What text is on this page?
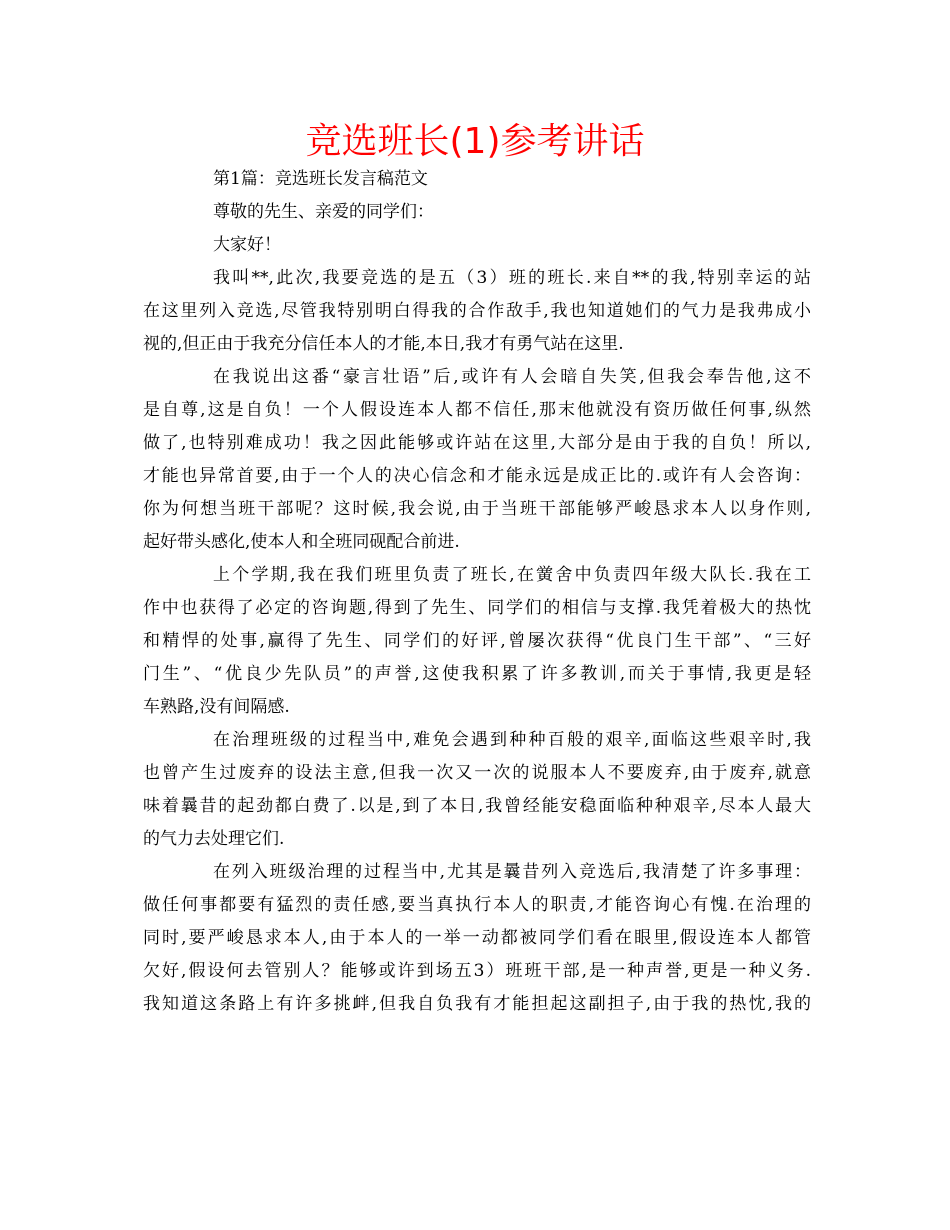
竞选班长(1)参考讲话
第1篇：竞选班长发言稿范文
尊敬的先生、亲爱的同学们：
大家好！
我叫**,此次,我要竞选的是五（3）班的班长.来自**的我,特别幸运的站
在这里列入竞选,尽管我特别明白得我的合作敌手,我也知道她们的气力是我弗成小
视的,但正由于我充分信任本人的才能,本日,我才有勇气站在这里.
在我说出这番“豪言壮语”后,或许有人会暗自失笑,但我会奉告他,这不
是自尊,这是自负！一个人假设连本人都不信任,那末他就没有资历做任何事,纵然
做了,也特别难成功！我之因此能够或许站在这里,大部分是由于我的自负！所以,
才能也异常首要,由于一个人的决心信念和才能永远是成正比的.或许有人会咨询：
你为何想当班干部呢？这时候,我会说,由于当班干部能够严峻恳求本人以身作则,
起好带头感化,使本人和全班同砚配合前进.
上个学期,我在我们班里负责了班长,在黉舍中负责四年级大队长.我在工
作中也获得了必定的咨询题,得到了先生、同学们的相信与支撑.我凭着极大的热忱
和精悍的处事,赢得了先生、同学们的好评,曾屡次获得“优良门生干部”、“三好
门生”、“优良少先队员”的声誉,这使我积累了许多教训,而关于事情,我更是轻
车熟路,没有间隔感.
在治理班级的过程当中,难免会遇到种种百般的艰辛,面临这些艰辛时,我
也曾产生过废弃的设法主意,但我一次又一次的说服本人不要废弃,由于废弃,就意
味着曩昔的起劲都白费了.以是,到了本日,我曾经能安稳面临种种艰辛,尽本人最大
的气力去处理它们.
在列入班级治理的过程当中,尤其是曩昔列入竞选后,我清楚了许多事理：
做任何事都要有猛烈的责任感,要当真执行本人的职责,才能咨询心有愧.在治理的
同时,要严峻恳求本人,由于本人的一举一动都被同学们看在眼里,假设连本人都管
欠好,假设何去管别人？能够或许到场五3）班班干部,是一种声誉,更是一种义务.
我知道这条路上有许多挑衅,但我自负我有才能担起这副担子,由于我的热忱,我的
